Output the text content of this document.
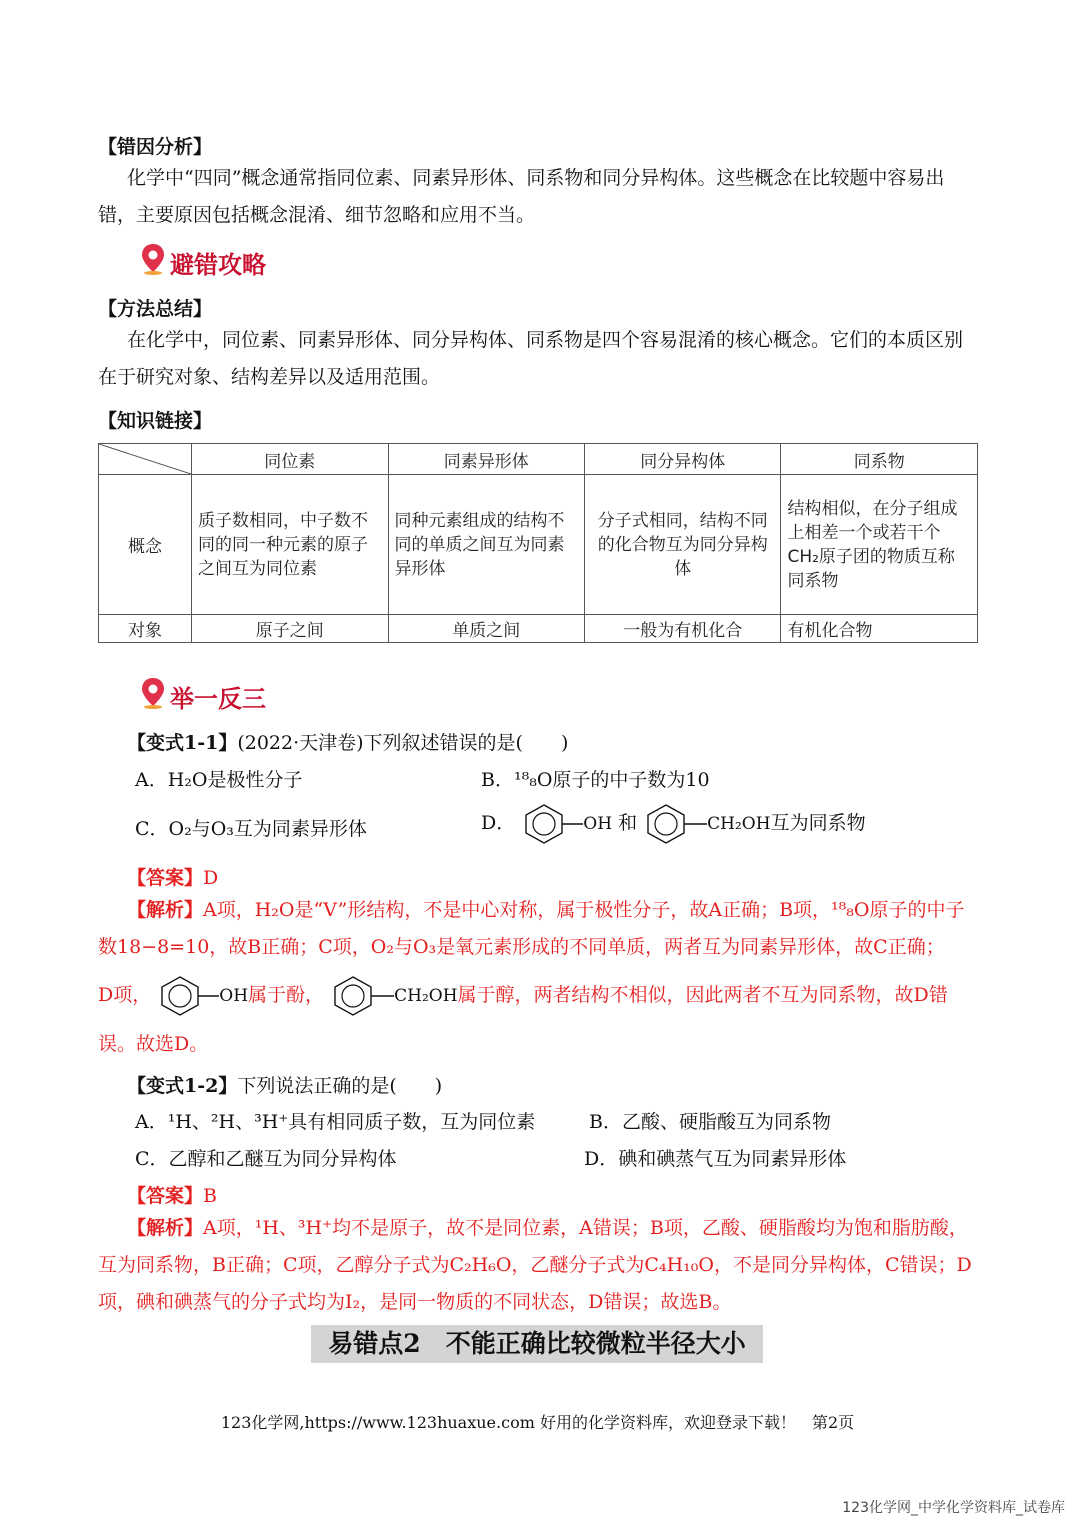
【错因分析】
化学中“四同”概念通常指同位素、同素异形体、同系物和同分异构体。这些概念在比较题中容易出错，主要原因包括概念混淆、细节忽略和应用不当。
避错攻略
【方法总结】
在化学中，同位素、同素异形体、同分异构体、同系物是四个容易混淆的核心概念。它们的本质区别在于研究对象、结构差异以及适用范围。
【知识链接】
	同位素	同素异形体	同分异构体	同系物
概念	质子数相同，中子数不同的同一种元素的原子之间互为同位素	同种元素组成的结构不同的单质之间互为同素异形体	分子式相同，结构不同的化合物互为同分异构体	结构相似，在分子组成上相差一个或若干个CH₂原子团的物质互称同系物
对象	原子之间	单质之间	一般为有机化合	有机化合物
举一反三
【变式1-1】(2022·天津卷)下列叙述错误的是(　　)
A．H₂O是极性分子	B．¹⁸₈O原子的中子数为10
C．O₂与O₃互为同素异形体	D．	OH 和	CH₂OH互为同系物
【答案】D
【解析】A项，H₂O是“V”形结构，不是中心对称，属于极性分子，故A正确；B项，¹⁸₈O原子的中子数18−8=10，故B正确；C项，O₂与O₃是氧元素形成的不同单质，两者互为同素异形体，故C正确；
D项，	OH属于酚，	CH₂OH属于醇，两者结构不相似，因此两者不互为同系物，故D错误。故选D。
【变式1-2】下列说法正确的是(　　)
A．¹H、²H、³H⁺具有相同质子数，互为同位素	B．乙酸、硬脂酸互为同系物
C．乙醇和乙醚互为同分异构体	D．碘和碘蒸气互为同素异形体
【答案】B
【解析】A项，¹H、³H⁺均不是原子，故不是同位素，A错误；B项，乙酸、硬脂酸均为饱和脂肪酸，互为同系物，B正确；C项，乙醇分子式为C₂H₆O，乙醚分子式为C₄H₁₀O，不是同分异构体，C错误；D项，碘和碘蒸气的分子式均为I₂，是同一物质的不同状态，D错误；故选B。
易错点2　不能正确比较微粒半径大小
123化学网,https://www.123huaxue.com 好用的化学资料库，欢迎登录下载！　第2页
123化学网_中学化学资料库_试卷库
